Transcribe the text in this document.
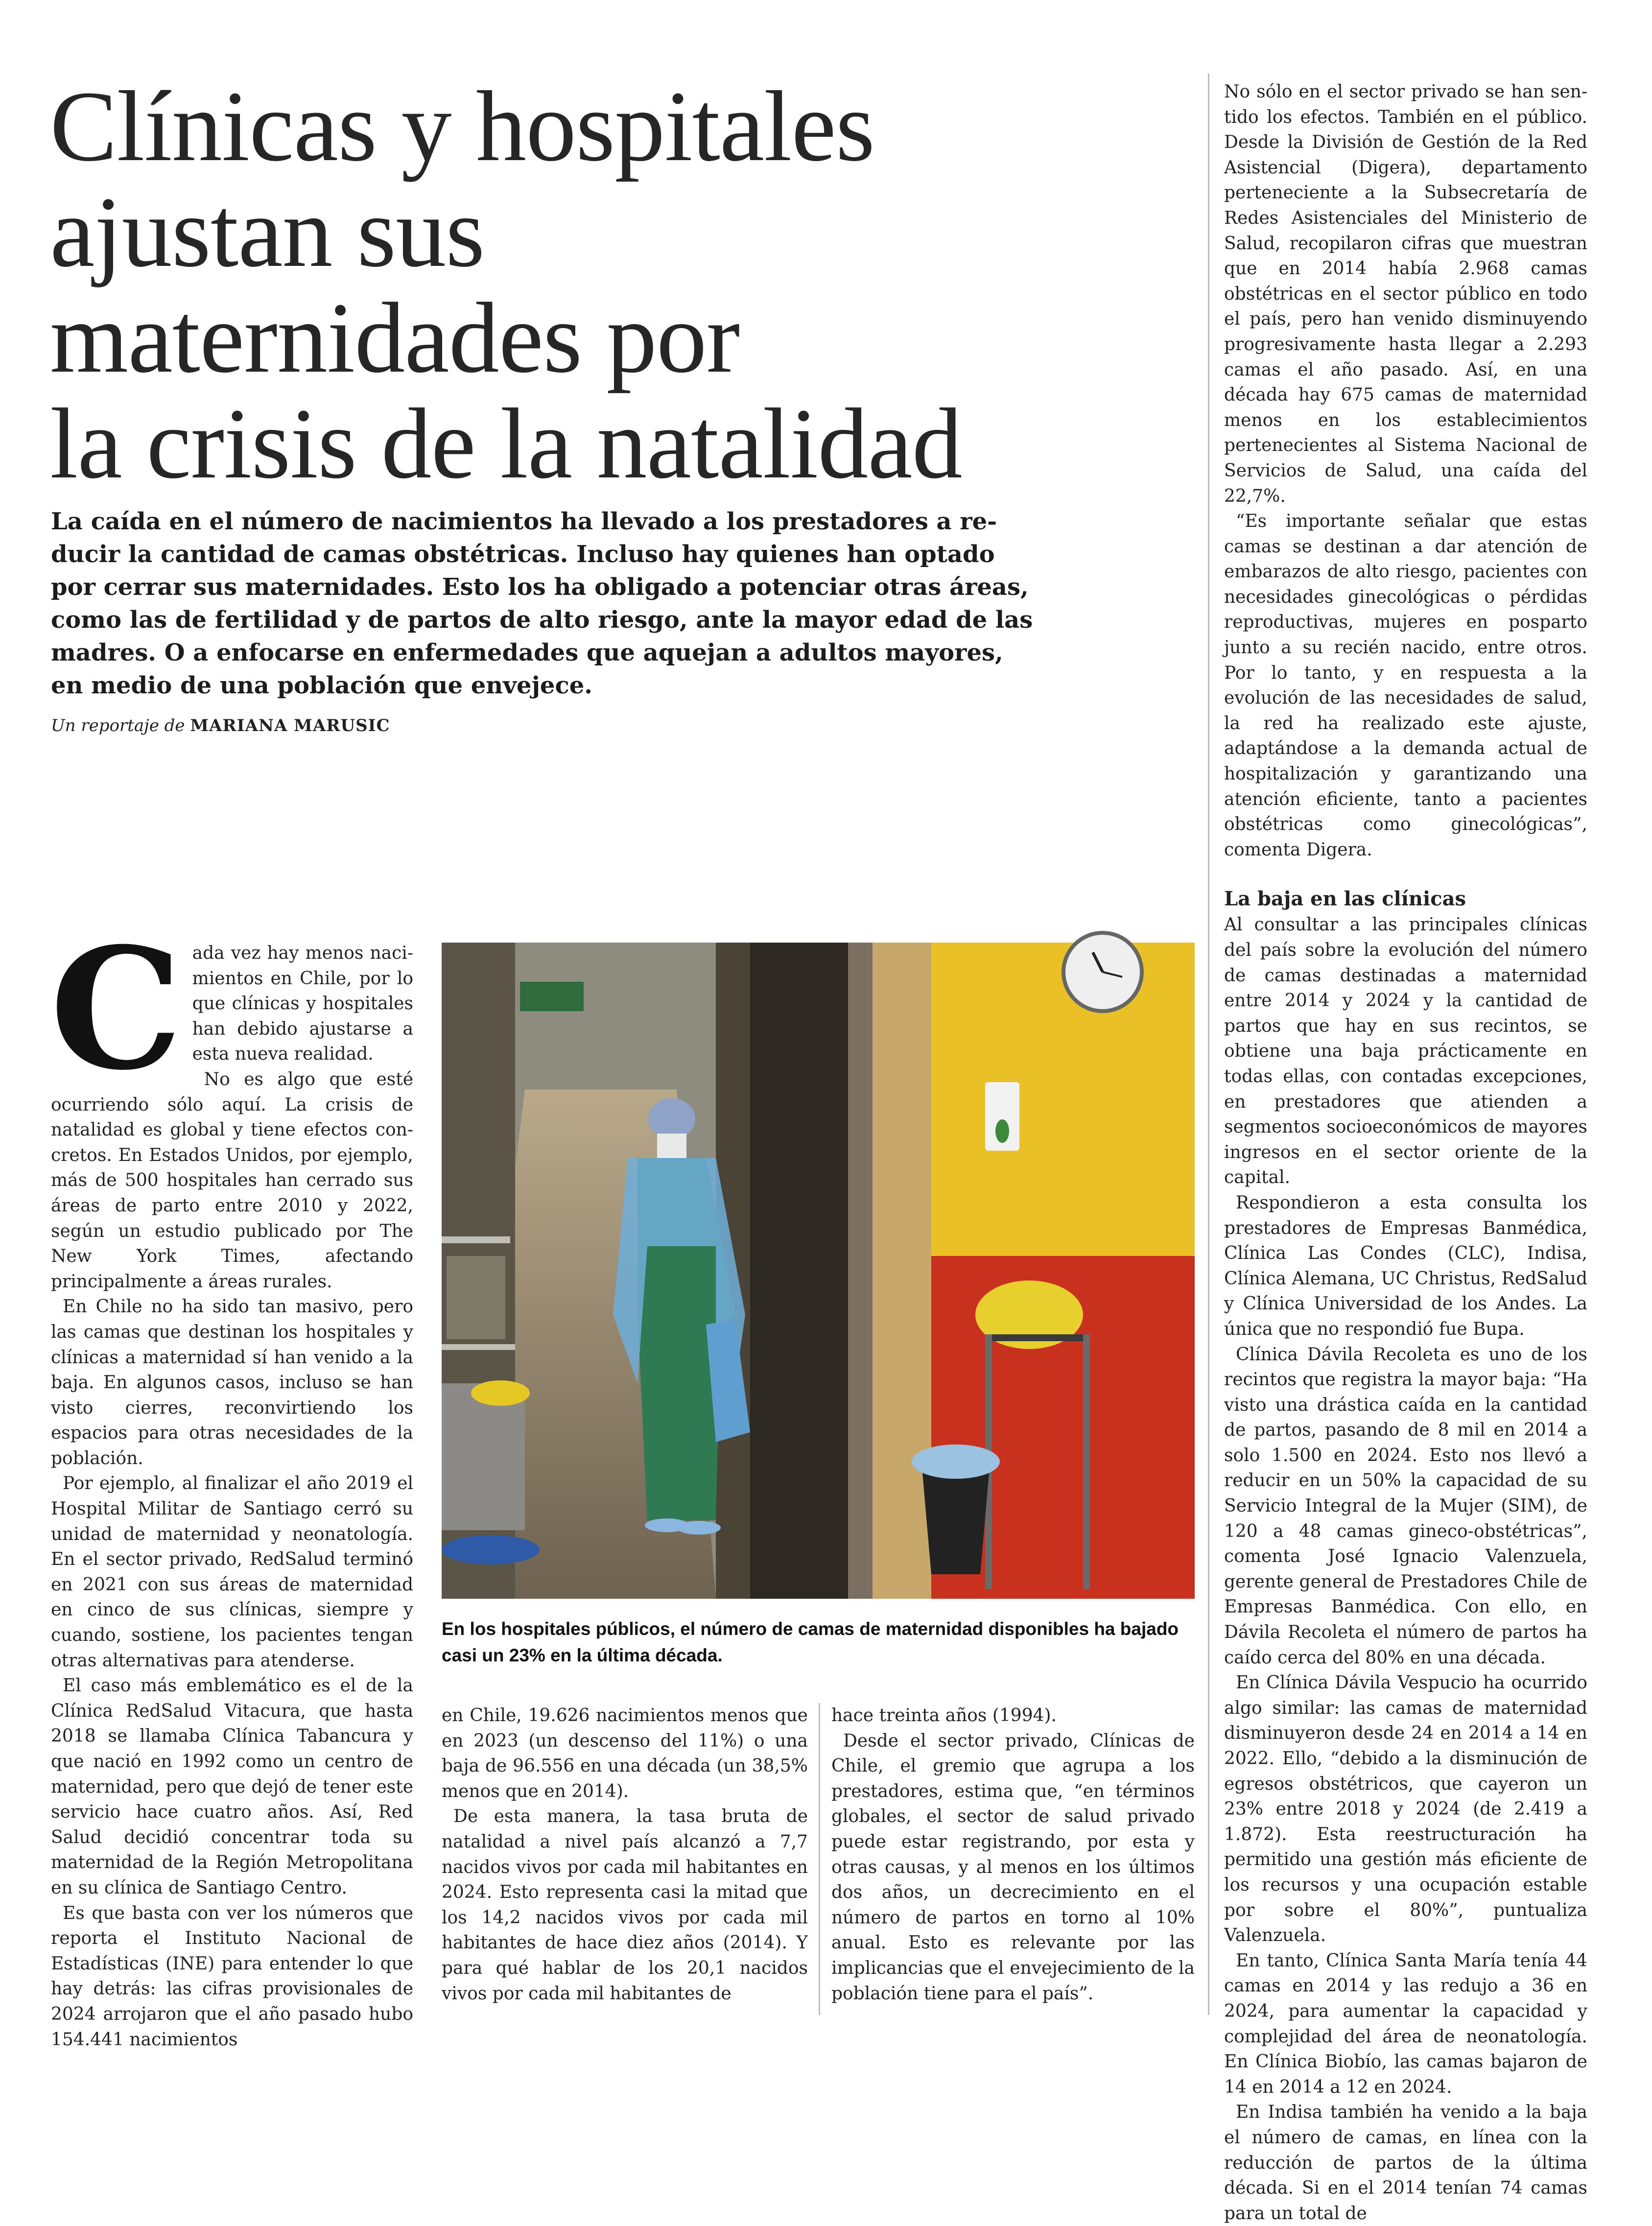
Clínicas y hospitales
ajustan sus
maternidades por
la crisis de la natalidad
La caída en el número de nacimientos ha llevado a los prestadores a re-
ducir la cantidad de camas obstétricas. Incluso hay quienes han optado
por cerrar sus maternidades. Esto los ha obligado a potenciar otras áreas,
como las de fertilidad y de partos de alto riesgo, ante la mayor edad de las
madres. O a enfocarse en enfermedades que aquejan a adultos mayores,
en medio de una población que envejece.
Un reportaje de MARIANA MARUSIC
C ada vez hay menos nacimientos en Chile, por lo que clínicas y hospitales han debido ajustarse a esta nueva realidad.

No es algo que esté ocurriendo sólo aquí. La crisis de natalidad es global y tiene efectos concretos. En Estados Unidos, por ejemplo, más de 500 hospitales han cerrado sus áreas de parto entre 2010 y 2022, según un estudio publicado por The New York Times, afectando principalmente a áreas rurales.

En Chile no ha sido tan masivo, pero las camas que destinan los hospitales y clínicas a maternidad sí han venido a la baja. En algunos casos, incluso se han visto cierres, reconvirtiendo los espacios para otras necesidades de la población.

Por ejemplo, al finalizar el año 2019 el Hospital Militar de Santiago cerró su unidad de maternidad y neonatología. En el sector privado, RedSalud terminó en 2021 con sus áreas de maternidad en cinco de sus clínicas, siempre y cuando, sostiene, los pacientes tengan otras alternativas para atenderse.

El caso más emblemático es el de la Clínica RedSalud Vitacura, que hasta 2018 se llamaba Clínica Tabancura y que nació en 1992 como un centro de maternidad, pero que dejó de tener este servicio hace cuatro años. Así, Red Salud decidió concentrar toda su maternidad de la Región Metropolitana en su clínica de Santiago Centro.

Es que basta con ver los números que reporta el Instituto Nacional de Estadísticas (INE) para entender lo que hay detrás: las cifras provisionales de 2024 arrojaron que el año pasado hubo 154.441 nacimientos

En los hospitales públicos, el número de camas de maternidad disponibles ha bajado casi un 23% en la última década.

en Chile, 19.626 nacimientos menos que en 2023 (un descenso del 11%) o una baja de 96.556 en una década (un 38,5% menos que en 2014).

De esta manera, la tasa bruta de natalidad a nivel país alcanzó a 7,7 nacidos vivos por cada mil habitantes en 2024. Esto representa casi la mitad que los 14,2 nacidos vivos por cada mil habitantes de hace diez años (2014). Y para qué hablar de los 20,1 nacidos vivos por cada mil habitantes de

hace treinta años (1994).

Desde el sector privado, Clínicas de Chile, el gremio que agrupa a los prestadores, estima que, “en términos globales, el sector de salud privado puede estar registrando, por esta y otras causas, y al menos en los últimos dos años, un decrecimiento en el número de partos en torno al 10% anual. Esto es relevante por las implicancias que el envejecimiento de la población tiene para el país”.

No sólo en el sector privado se han sentido los efectos. También en el público. Desde la División de Gestión de la Red Asistencial (Digera), departamento perteneciente a la Subsecretaría de Redes Asistenciales del Ministerio de Salud, recopilaron cifras que muestran que en 2014 había 2.968 camas obstétricas en el sector público en todo el país, pero han venido disminuyendo progresivamente hasta llegar a 2.293 camas el año pasado. Así, en una década hay 675 camas de maternidad menos en los establecimientos pertenecientes al Sistema Nacional de Servicios de Salud, una caída del 22,7%.

“Es importante señalar que estas camas se destinan a dar atención de embarazos de alto riesgo, pacientes con necesidades ginecológicas o pérdidas reproductivas, mujeres en posparto junto a su recién nacido, entre otros. Por lo tanto, y en respuesta a la evolución de las necesidades de salud, la red ha realizado este ajuste, adaptándose a la demanda actual de hospitalización y garantizando una atención eficiente, tanto a pacientes obstétricas como ginecológicas”, comenta Digera.

La baja en las clínicas

Al consultar a las principales clínicas del país sobre la evolución del número de camas destinadas a maternidad entre 2014 y 2024 y la cantidad de partos que hay en sus recintos, se obtiene una baja prácticamente en todas ellas, con contadas excepciones, en prestadores que atienden a segmentos socioeconómicos de mayores ingresos en el sector oriente de la capital.

Respondieron a esta consulta los prestadores de Empresas Banmédica, Clínica Las Condes (CLC), Indisa, Clínica Alemana, UC Christus, RedSalud y Clínica Universidad de los Andes. La única que no respondió fue Bupa.

Clínica Dávila Recoleta es uno de los recintos que registra la mayor baja: “Ha visto una drástica caída en la cantidad de partos, pasando de 8 mil en 2014 a solo 1.500 en 2024. Esto nos llevó a reducir en un 50% la capacidad de su Servicio Integral de la Mujer (SIM), de 120 a 48 camas gineco-obstétricas”, comenta José Ignacio Valenzuela, gerente general de Prestadores Chile de Empresas Banmédica. Con ello, en Dávila Recoleta el número de partos ha caído cerca del 80% en una década.

En Clínica Dávila Vespucio ha ocurrido algo similar: las camas de maternidad disminuyeron desde 24 en 2014 a 14 en 2022. Ello, “debido a la disminución de egresos obstétricos, que cayeron un 23% entre 2018 y 2024 (de 2.419 a 1.872). Esta reestructuración ha permitido una gestión más eficiente de los recursos y una ocupación estable por sobre el 80%”, puntualiza Valenzuela.

En tanto, Clínica Santa María tenía 44 camas en 2014 y las redujo a 36 en 2024, para aumentar la capacidad y complejidad del área de neonatología. En Clínica Biobío, las camas bajaron de 14 en 2014 a 12 en 2024.

En Indisa también ha venido a la baja el número de camas, en línea con la reducción de partos de la última década. Si en el 2014 tenían 74 camas para un total de
